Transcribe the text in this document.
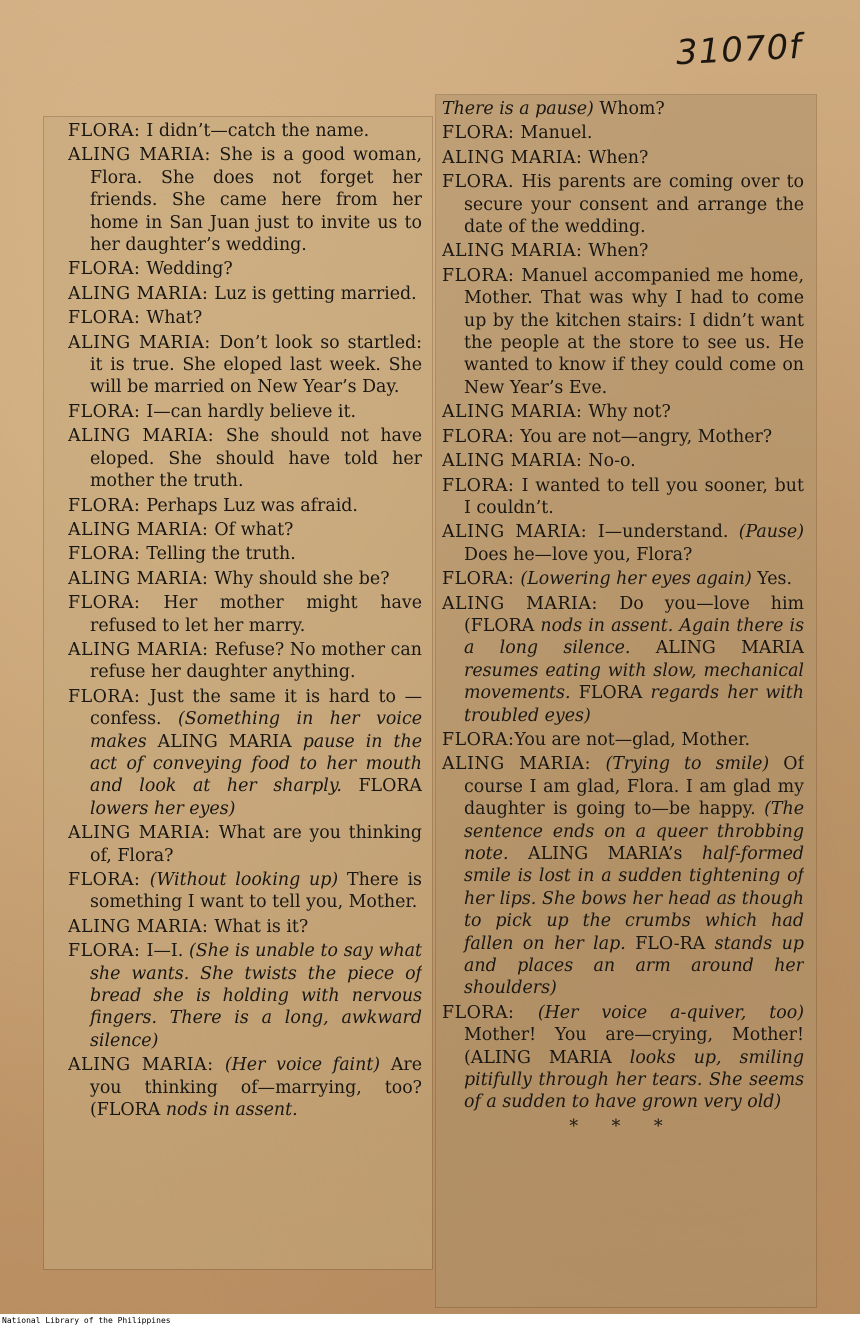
31070f

FLORA: I didn’t—catch the name.

ALING MARIA: She is a good woman, Flora. She does not forget her friends. She came here from her home in San Juan just to invite us to her daughter’s wedding.

FLORA: Wedding?

ALING MARIA: Luz is getting married.

FLORA: What?

ALING MARIA: Don’t look so startled: it is true. She eloped last week. She will be married on New Year’s Day.

FLORA: I—can hardly believe it.

ALING MARIA: She should not have eloped. She should have told her mother the truth.

FLORA: Perhaps Luz was afraid.

ALING MARIA: Of what?

FLORA: Telling the truth.

ALING MARIA: Why should she be?

FLORA: Her mother might have refused to let her marry.

ALING MARIA: Refuse? No mother can refuse her daughter anything.

FLORA: Just the same it is hard to —confess. (Something in her voice makes ALING MARIA pause in the act of conveying food to her mouth and look at her sharply. FLORA lowers her eyes)

ALING MARIA: What are you thinking of, Flora?

FLORA: (Without looking up) There is something I want to tell you, Mother.

ALING MARIA: What is it?

FLORA: I—I. (She is unable to say what she wants. She twists the piece of bread she is holding with nervous fingers. There is a long, awkward silence)

ALING MARIA: (Her voice faint) Are you thinking of—marrying, too? (FLORA nods in assent.

There is a pause) Whom?

FLORA: Manuel.

ALING MARIA: When?

FLORA. His parents are coming over to secure your consent and arrange the date of the wedding.

ALING MARIA: When?

FLORA: Manuel accompanied me home, Mother. That was why I had to come up by the kitchen stairs: I didn’t want the people at the store to see us. He wanted to know if they could come on New Year’s Eve.

ALING MARIA: Why not?

FLORA: You are not—angry, Mother?

ALING MARIA: No-o.

FLORA: I wanted to tell you sooner, but I couldn’t.

ALING MARIA: I—understand. (Pause) Does he—love you, Flora?

FLORA: (Lowering her eyes again) Yes.

ALING MARIA: Do you—love him (FLORA nods in assent. Again there is a long silence. ALING MARIA resumes eating with slow, mechanical movements. FLORA regards her with troubled eyes)

FLORA:You are not—glad, Mother.

ALING MARIA: (Trying to smile) Of course I am glad, Flora. I am glad my daughter is going to—be happy. (The sentence ends on a queer throbbing note. ALING MARIA’s half-formed smile is lost in a sudden tightening of her lips. She bows her head as though to pick up the crumbs which had fallen on her lap. FLO-RA stands up and places an arm around her shoulders)

FLORA: (Her voice a-quiver, too) Mother! You are—crying, Mother! (ALING MARIA looks up, smiling pitifully through her tears. She seems of a sudden to have grown very old)

* * *
National Library of the Philippines
